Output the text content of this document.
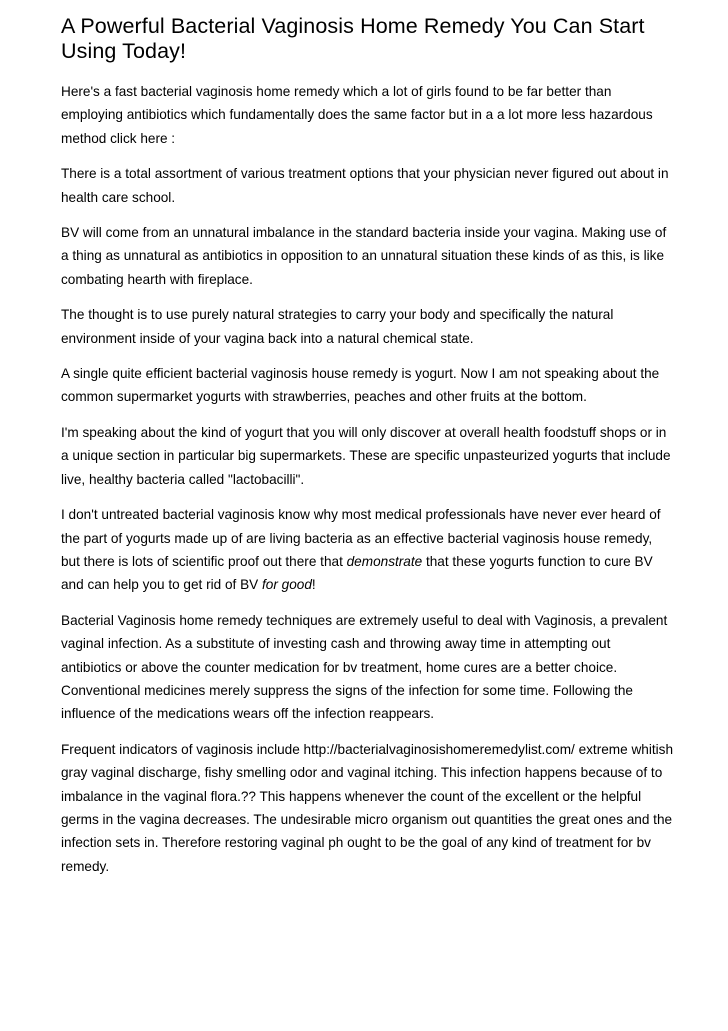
A Powerful Bacterial Vaginosis Home Remedy You Can Start Using Today!

Here's a fast bacterial vaginosis home remedy which a lot of girls found to be far better than employing antibiotics which fundamentally does the same factor but in a a lot more less hazardous method click here :

There is a total assortment of various treatment options that your physician never figured out about in health care school.

BV will come from an unnatural imbalance in the standard bacteria inside your vagina. Making use of a thing as unnatural as antibiotics in opposition to an unnatural situation these kinds of as this, is like combating hearth with fireplace.

The thought is to use purely natural strategies to carry your body and specifically the natural environment inside of your vagina back into a natural chemical state.

A single quite efficient bacterial vaginosis house remedy is yogurt. Now I am not speaking about the common supermarket yogurts with strawberries, peaches and other fruits at the bottom.

I'm speaking about the kind of yogurt that you will only discover at overall health foodstuff shops or in a unique section in particular big supermarkets. These are specific unpasteurized yogurts that include live, healthy bacteria called "lactobacilli".

I don't untreated bacterial vaginosis know why most medical professionals have never ever heard of the part of yogurts made up of are living bacteria as an effective bacterial vaginosis house remedy, but there is lots of scientific proof out there that demonstrate that these yogurts function to cure BV and can help you to get rid of BV for good!

Bacterial Vaginosis home remedy techniques are extremely useful to deal with Vaginosis, a prevalent vaginal infection. As a substitute of investing cash and throwing away time in attempting out antibiotics or above the counter medication for bv treatment, home cures are a better choice. Conventional medicines merely suppress the signs of the infection for some time. Following the influence of the medications wears off the infection reappears.

Frequent indicators of vaginosis include http://bacterialvaginosishomeremedylist.com/ extreme whitish gray vaginal discharge, fishy smelling odor and vaginal itching. This infection happens because of to imbalance in the vaginal flora.?? This happens whenever the count of the excellent or the helpful germs in the vagina decreases. The undesirable micro organism out quantities the great ones and the infection sets in. Therefore restoring vaginal ph ought to be the goal of any kind of treatment for bv remedy.
